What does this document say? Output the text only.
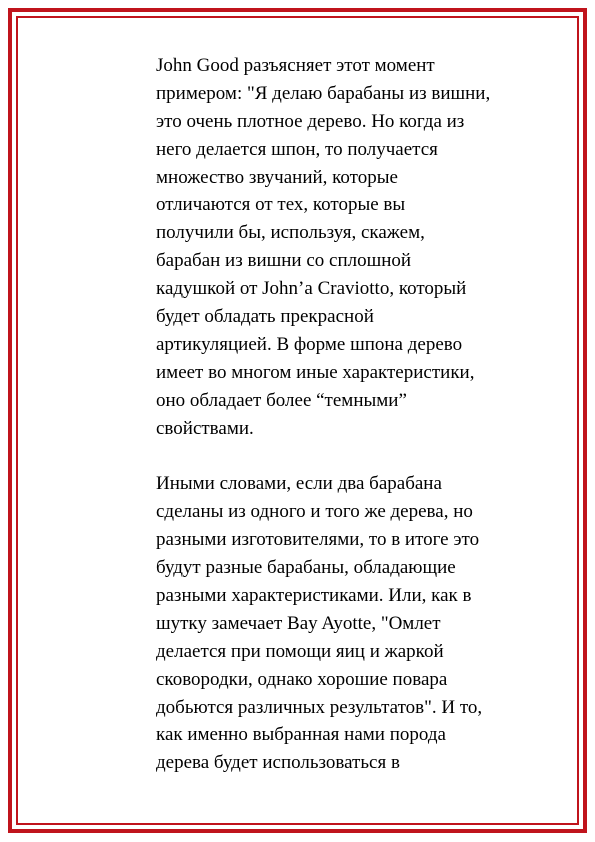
John Good разъясняет этот момент
примером: "Я делаю барабаны из вишни,
это очень плотное дерево. Но когда из
него делается шпон, то получается
множество звучаний, которые
отличаются от тех, которые вы
получили бы, используя, скажем,
барабан из вишни со сплошной
кадушкой от John’a Craviotto, который
будет обладать прекрасной
артикуляцией. В форме шпона дерево
имеет во многом иные характеристики,
оно обладает более “темными”
свойствами.
Иными словами, если два барабана
сделаны из одного и того же дерева, но
разными изготовителями, то в итоге это
будут разные барабаны, обладающие
разными характеристиками. Или, как в
шутку замечает Bay Ayotte, "Омлет
делается при помощи яиц и жаркой
сковородки, однако хорошие повара
добьются различных результатов". И то,
как именно выбранная нами порода
дерева будет использоваться в
